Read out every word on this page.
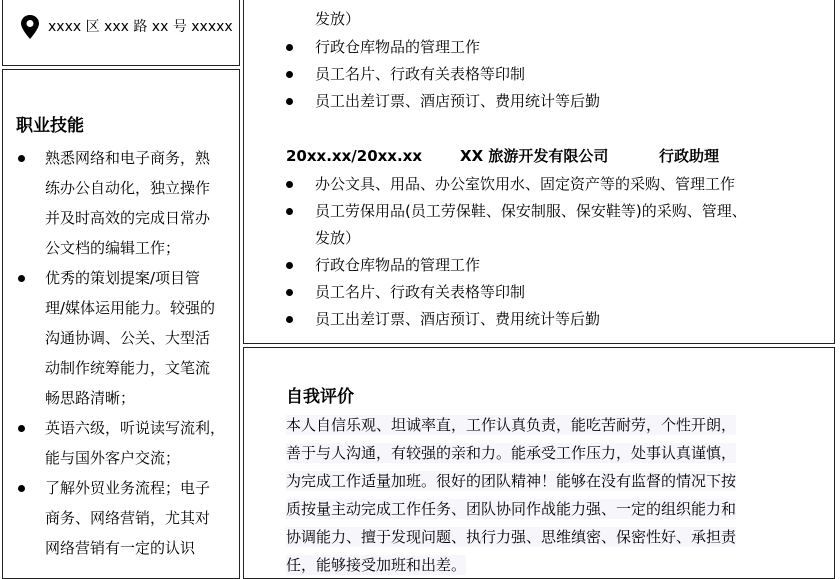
xxxx 区 xxx 路 xx 号 xxxxx
职业技能
熟悉网络和电子商务，熟
练办公自动化，独立操作
并及时高效的完成日常办
公文档的编辑工作；
优秀的策划提案/项目管
理/媒体运用能力。较强的
沟通协调、公关、大型活
动制作统筹能力，文笔流
畅思路清晰；
英语六级，听说读写流利，
能与国外客户交流；
了解外贸业务流程；电子
商务、网络营销，尤其对
网络营销有一定的认识
发放）
行政仓库物品的管理工作
员工名片、行政有关表格等印制
员工出差订票、酒店预订、费用统计等后勤
20xx.xx/20xx.xx	XX 旅游开发有限公司	行政助理
办公文具、用品、办公室饮用水、固定资产等的采购、管理工作
员工劳保用品(员工劳保鞋、保安制服、保安鞋等)的采购、管理、
发放）
行政仓库物品的管理工作
员工名片、行政有关表格等印制
员工出差订票、酒店预订、费用统计等后勤
自我评价
本人自信乐观、坦诚率直，工作认真负责，能吃苦耐劳，个性开朗，
善于与人沟通，有较强的亲和力。能承受工作压力，处事认真谨慎，
为完成工作适量加班。很好的团队精神！能够在没有监督的情况下按
质按量主动完成工作任务、团队协同作战能力强、一定的组织能力和
协调能力、擅于发现问题、执行力强、思维缜密、保密性好、承担责
任，能够接受加班和出差。
